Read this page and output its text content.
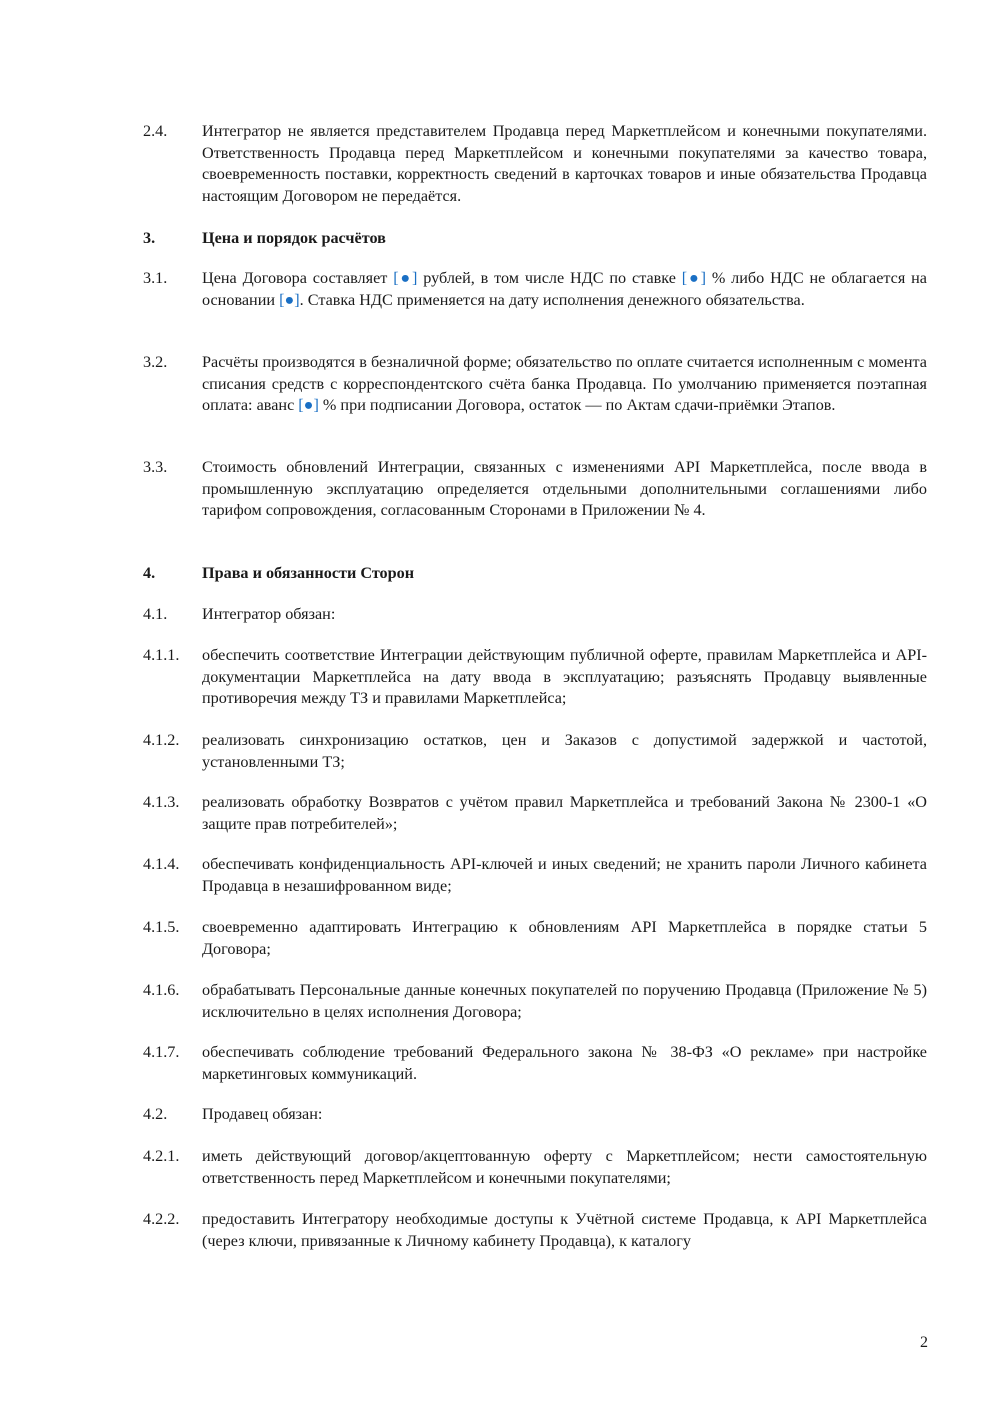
2.4.	Интегратор не является представителем Продавца перед Маркетплейсом и конечными покупателями. Ответственность Продавца перед Маркетплейсом и конечными покупателями за качество товара, своевременность поставки, корректность сведений в карточках товаров и иные обязательства Продавца настоящим Договором не передаётся.
3.	Цена и порядок расчётов
3.1.	Цена Договора составляет [●] рублей, в том числе НДС по ставке [●] % либо НДС не облагается на основании [●]. Ставка НДС применяется на дату исполнения денежного обязательства.
3.2.	Расчёты производятся в безналичной форме; обязательство по оплате считается исполненным с момента списания средств с корреспондентского счёта банка Продавца. По умолчанию применяется поэтапная оплата: аванс [●] % при подписании Договора, остаток — по Актам сдачи-приёмки Этапов.
3.3.	Стоимость обновлений Интеграции, связанных с изменениями API Маркетплейса, после ввода в промышленную эксплуатацию определяется отдельными дополнительными соглашениями либо тарифом сопровождения, согласованным Сторонами в Приложении № 4.
4.	Права и обязанности Сторон
4.1.	Интегратор обязан:
4.1.1.	обеспечить соответствие Интеграции действующим публичной оферте, правилам Маркетплейса и API-документации Маркетплейса на дату ввода в эксплуатацию; разъяснять Продавцу выявленные противоречия между ТЗ и правилами Маркетплейса;
4.1.2.	реализовать синхронизацию остатков, цен и Заказов с допустимой задержкой и частотой, установленными ТЗ;
4.1.3.	реализовать обработку Возвратов с учётом правил Маркетплейса и требований Закона № 2300-1 «О защите прав потребителей»;
4.1.4.	обеспечивать конфиденциальность API-ключей и иных сведений; не хранить пароли Личного кабинета Продавца в незашифрованном виде;
4.1.5.	своевременно адаптировать Интеграцию к обновлениям API Маркетплейса в порядке статьи 5 Договора;
4.1.6.	обрабатывать Персональные данные конечных покупателей по поручению Продавца (Приложение № 5) исключительно в целях исполнения Договора;
4.1.7.	обеспечивать соблюдение требований Федерального закона № 38-ФЗ «О рекламе» при настройке маркетинговых коммуникаций.
4.2.	Продавец обязан:
4.2.1.	иметь действующий договор/акцептованную оферту с Маркетплейсом; нести самостоятельную ответственность перед Маркетплейсом и конечными покупателями;
4.2.2.	предоставить Интегратору необходимые доступы к Учётной системе Продавца, к API Маркетплейса (через ключи, привязанные к Личному кабинету Продавца), к каталогу
2
